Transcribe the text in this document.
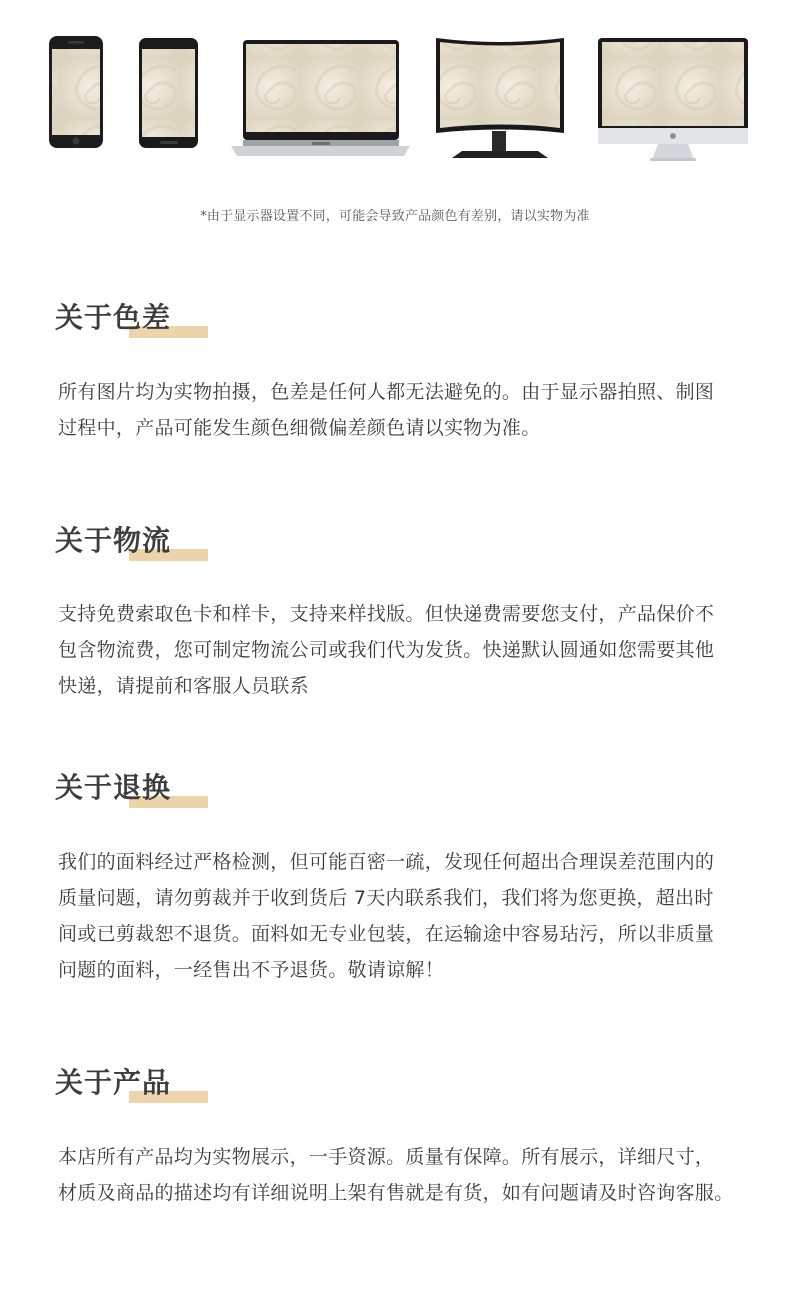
*由于显示器设置不同，可能会导致产品颜色有差别，请以实物为准
关于色差
所有图片均为实物拍摄，色差是任何人都无法避免的。由于显示器拍照、制图
过程中，产品可能发生颜色细微偏差颜色请以实物为准。
关于物流
支持免费索取色卡和样卡，支持来样找版。但快递费需要您支付，产品保价不
包含物流费，您可制定物流公司或我们代为发货。快递默认圆通如您需要其他
快递，请提前和客服人员联系
关于退换
我们的面料经过严格检测，但可能百密一疏，发现任何超出合理误差范围内的
质量问题，请勿剪裁并于收到货后 7天内联系我们，我们将为您更换，超出时
间或已剪裁恕不退货。面料如无专业包装，在运输途中容易玷污，所以非质量
问题的面料，一经售出不予退货。敬请谅解！
关于产品
本店所有产品均为实物展示，一手资源。质量有保障。所有展示，详细尺寸，
材质及商品的描述均有详细说明上架有售就是有货，如有问题请及时咨询客服。
